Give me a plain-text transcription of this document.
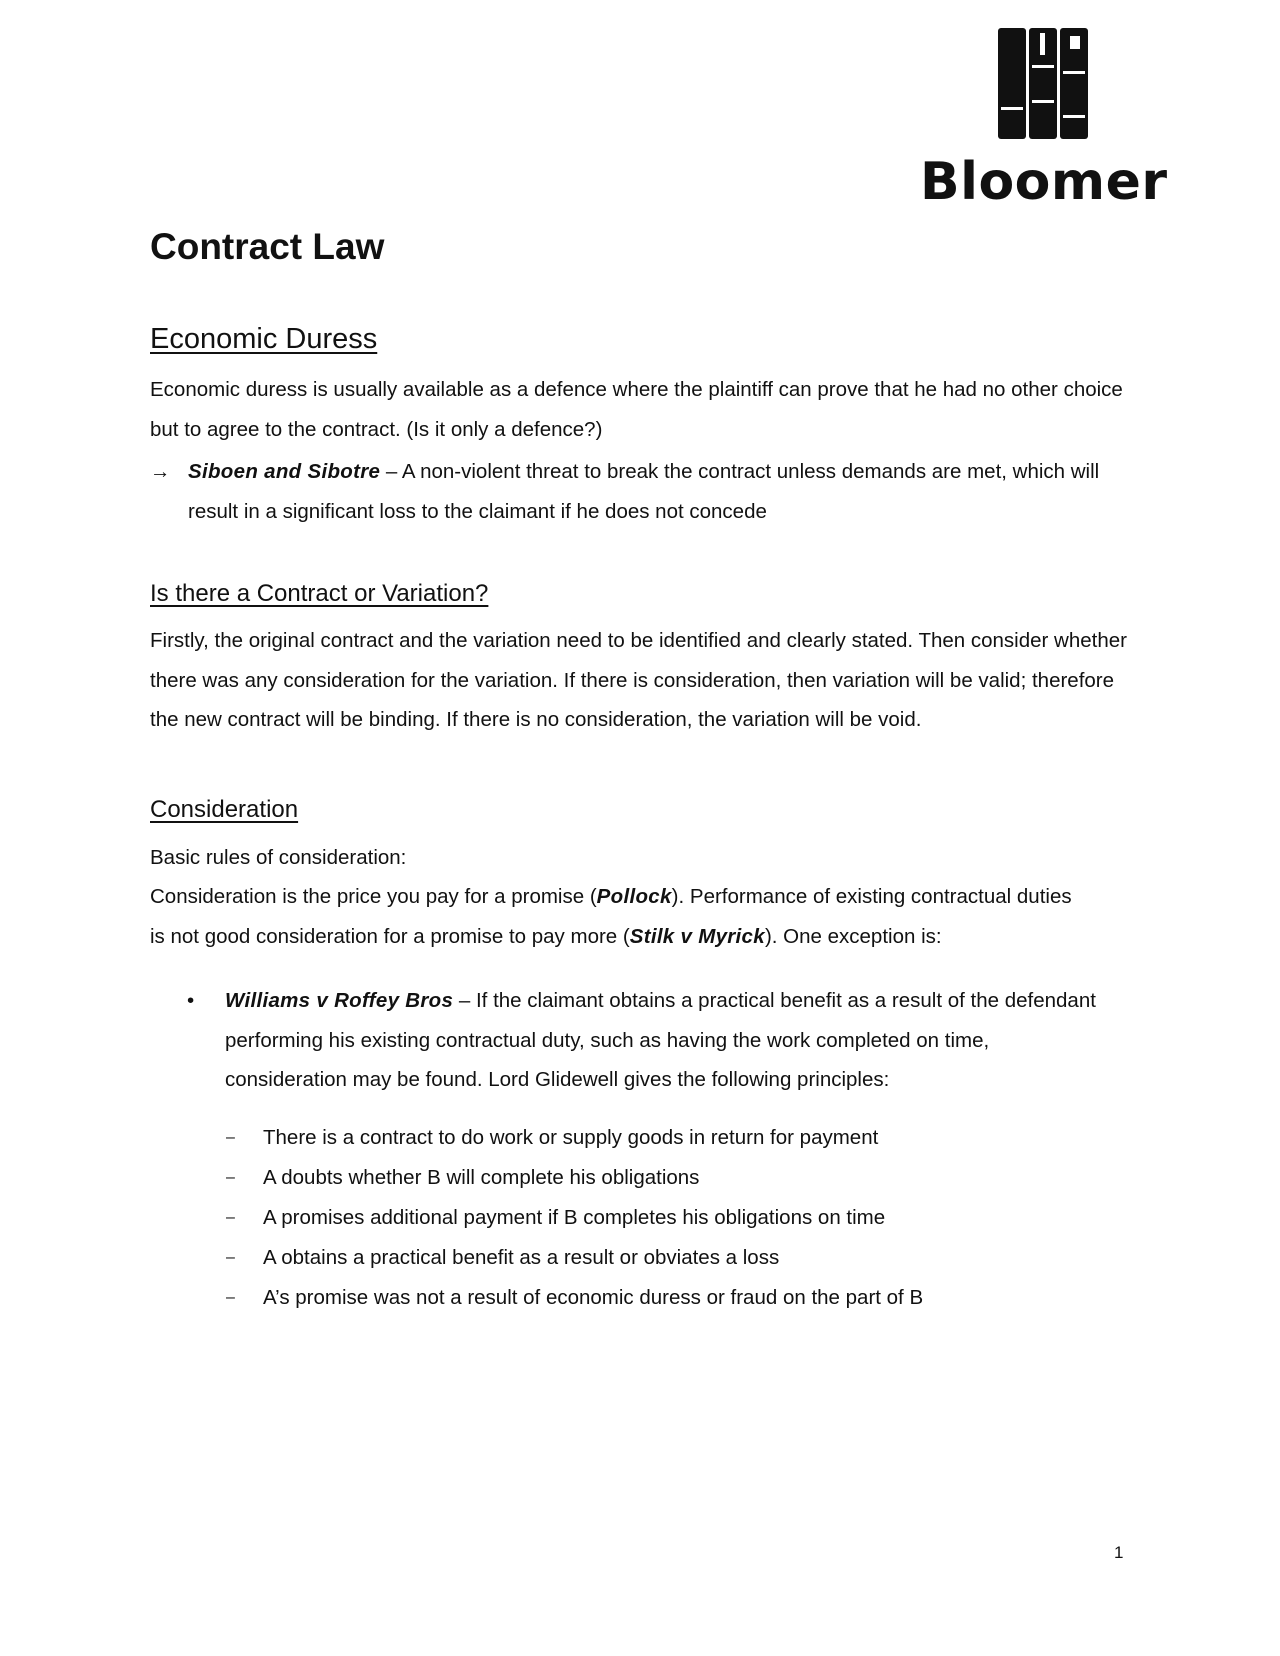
Bloomer
Contract Law
Economic Duress

Economic duress is usually available as a defence where the plaintiff can prove that he had no other choice but to agree to the contract. (Is it only a defence?)

→ Siboen and Sibotre – A non-violent threat to break the contract unless demands are met, which will result in a significant loss to the claimant if he does not concede
Is there a Contract or Variation?

Firstly, the original contract and the variation need to be identified and clearly stated. Then consider whether there was any consideration for the variation. If there is consideration, then variation will be valid; therefore the new contract will be binding. If there is no consideration, the variation will be void.

Consideration

Basic rules of consideration:

Consideration is the price you pay for a promise (Pollock). Performance of existing contractual duties is not good consideration for a promise to pay more (Stilk v Myrick). One exception is:

• Williams v Roffey Bros – If the claimant obtains a practical benefit as a result of the defendant performing his existing contractual duty, such as having the work completed on time, consideration may be found. Lord Glidewell gives the following principles:
– There is a contract to do work or supply goods in return for payment
– A doubts whether B will complete his obligations
– A promises additional payment if B completes his obligations on time
– A obtains a practical benefit as a result or obviates a loss
– A’s promise was not a result of economic duress or fraud on the part of B
1
